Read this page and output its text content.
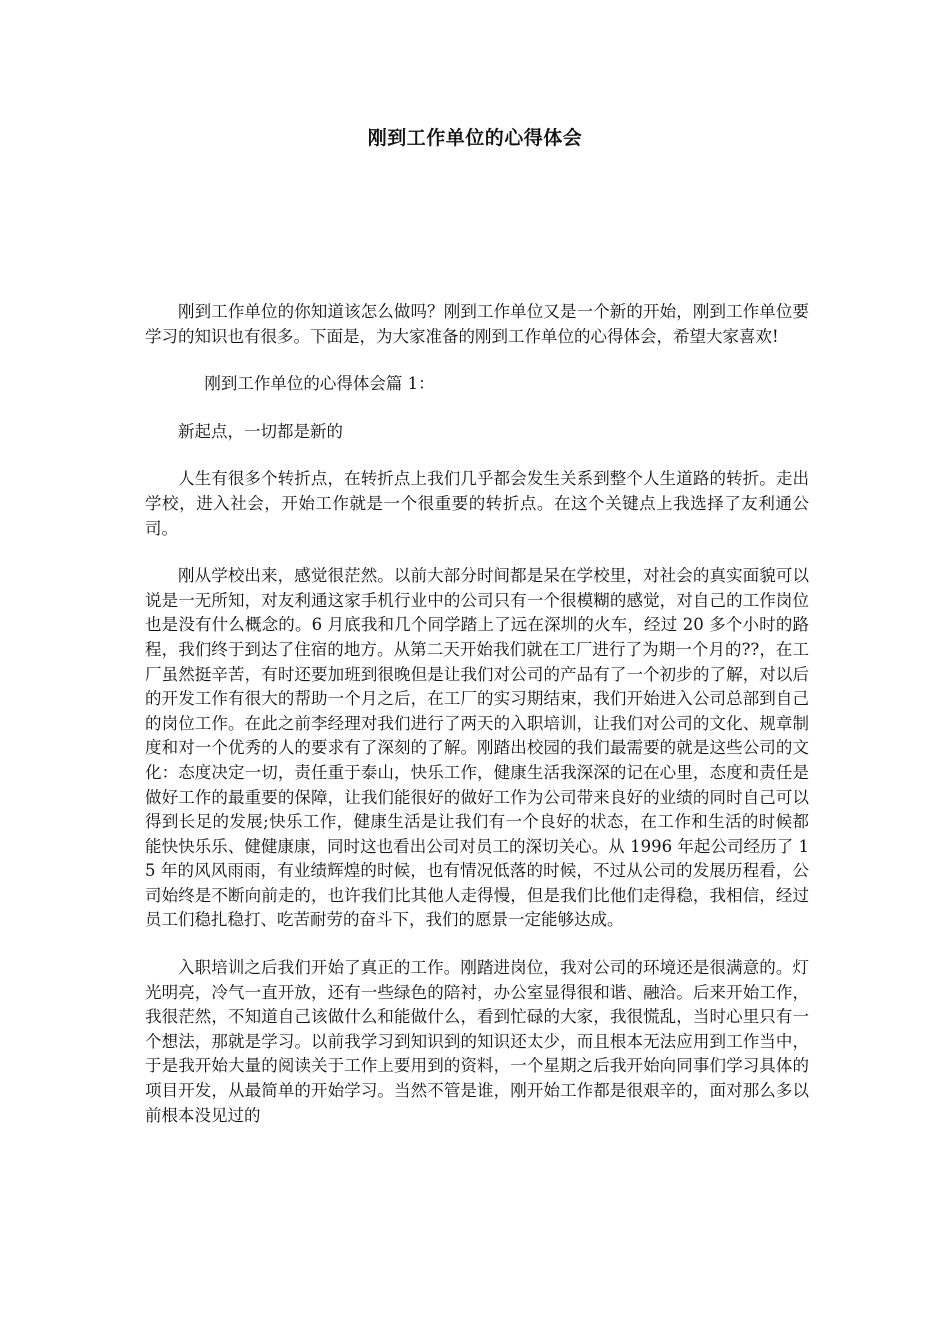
刚到工作单位的心得体会

刚到工作单位的你知道该怎么做吗？刚到工作单位又是一个新的开始，刚到工作单位要学习的知识也有很多。下面是，为大家准备的刚到工作单位的心得体会，希望大家喜欢!

刚到工作单位的心得体会篇 1：

新起点，一切都是新的

人生有很多个转折点，在转折点上我们几乎都会发生关系到整个人生道路的转折。走出学校，进入社会，开始工作就是一个很重要的转折点。在这个关键点上我选择了友利通公司。

刚从学校出来，感觉很茫然。以前大部分时间都是呆在学校里，对社会的真实面貌可以说是一无所知，对友利通这家手机行业中的公司只有一个很模糊的感觉，对自己的工作岗位也是没有什么概念的。6 月底我和几个同学踏上了远在深圳的火车，经过 20 多个小时的路程，我们终于到达了住宿的地方。从第二天开始我们就在工厂进行了为期一个月的??，在工厂虽然挺辛苦，有时还要加班到很晚但是让我们对公司的产品有了一个初步的了解，对以后的开发工作有很大的帮助一个月之后，在工厂的实习期结束，我们开始进入公司总部到自己的岗位工作。在此之前李经理对我们进行了两天的入职培训，让我们对公司的文化、规章制度和对一个优秀的人的要求有了深刻的了解。刚踏出校园的我们最需要的就是这些公司的文化：态度决定一切，责任重于泰山，快乐工作，健康生活我深深的记在心里，态度和责任是做好工作的最重要的保障，让我们能很好的做好工作为公司带来良好的业绩的同时自己可以得到长足的发展;快乐工作，健康生活是让我们有一个良好的状态，在工作和生活的时候都能快快乐乐、健健康康，同时这也看出公司对员工的深切关心。从 1996 年起公司经历了 15 年的风风雨雨，有业绩辉煌的时候，也有情况低落的时候，不过从公司的发展历程看，公司始终是不断向前走的，也许我们比其他人走得慢，但是我们比他们走得稳，我相信，经过员工们稳扎稳打、吃苦耐劳的奋斗下，我们的愿景一定能够达成。

入职培训之后我们开始了真正的工作。刚踏进岗位，我对公司的环境还是很满意的。灯光明亮，冷气一直开放，还有一些绿色的陪衬，办公室显得很和谐、融洽。后来开始工作，我很茫然，不知道自己该做什么和能做什么，看到忙碌的大家，我很慌乱，当时心里只有一个想法，那就是学习。以前我学习到知识到的知识还太少，而且根本无法应用到工作当中，于是我开始大量的阅读关于工作上要用到的资料，一个星期之后我开始向同事们学习具体的项目开发，从最简单的开始学习。当然不管是谁，刚开始工作都是很艰辛的，面对那么多以前根本没见过的
